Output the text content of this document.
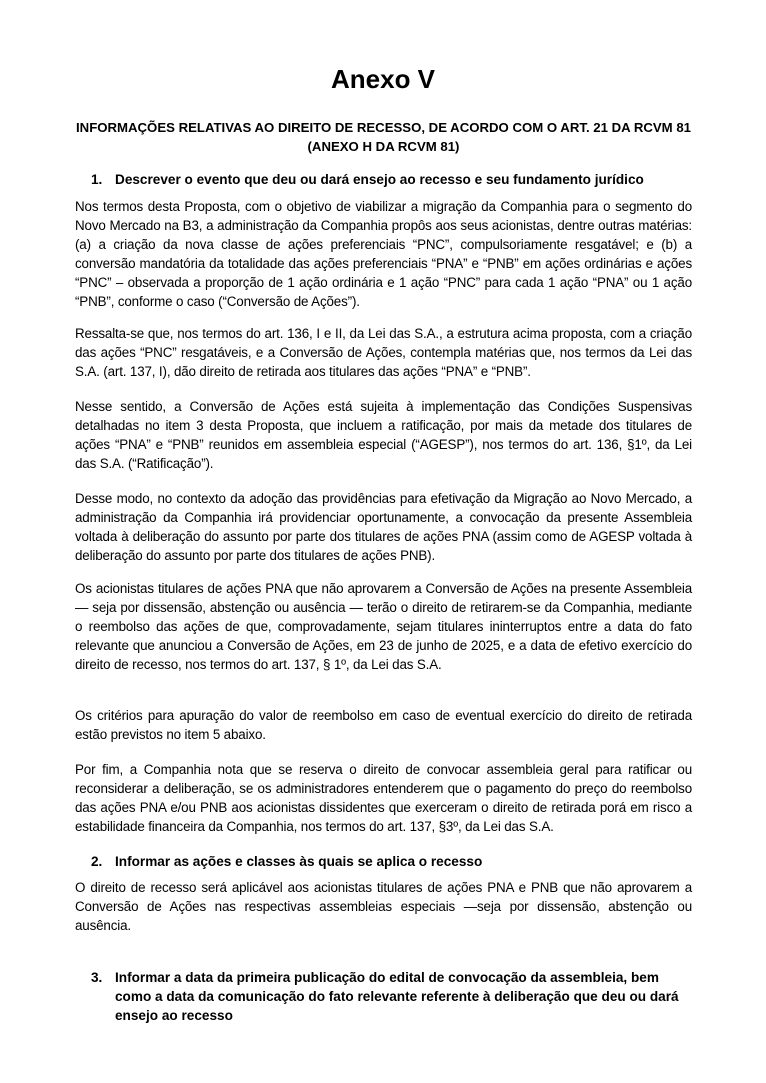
Anexo V
INFORMAÇÕES RELATIVAS AO DIREITO DE RECESSO, DE ACORDO COM O ART. 21 DA RCVM 81 (ANEXO H DA RCVM 81)
1. Descrever o evento que deu ou dará ensejo ao recesso e seu fundamento jurídico
Nos termos desta Proposta, com o objetivo de viabilizar a migração da Companhia para o segmento do Novo Mercado na B3, a administração da Companhia propôs aos seus acionistas, dentre outras matérias: (a) a criação da nova classe de ações preferenciais “PNC”, compulsoriamente resgatável; e (b) a conversão mandatória da totalidade das ações preferenciais “PNA” e “PNB” em ações ordinárias e ações “PNC” – observada a proporção de 1 ação ordinária e 1 ação “PNC” para cada 1 ação “PNA” ou 1 ação “PNB”, conforme o caso (“Conversão de Ações”).
Ressalta-se que, nos termos do art. 136, I e II, da Lei das S.A., a estrutura acima proposta, com a criação das ações “PNC” resgatáveis, e a Conversão de Ações, contempla matérias que, nos termos da Lei das S.A. (art. 137, I), dão direito de retirada aos titulares das ações “PNA” e “PNB”.
Nesse sentido, a Conversão de Ações está sujeita à implementação das Condições Suspensivas detalhadas no item 3 desta Proposta, que incluem a ratificação, por mais da metade dos titulares de ações “PNA” e “PNB” reunidos em assembleia especial (“AGESP”), nos termos do art. 136, §1º, da Lei das S.A. (“Ratificação”).
Desse modo, no contexto da adoção das providências para efetivação da Migração ao Novo Mercado, a administração da Companhia irá providenciar oportunamente, a convocação da presente Assembleia voltada à deliberação do assunto por parte dos titulares de ações PNA (assim como de AGESP voltada à deliberação do assunto por parte dos titulares de ações PNB).
Os acionistas titulares de ações PNA que não aprovarem a Conversão de Ações na presente Assembleia — seja por dissensão, abstenção ou ausência — terão o direito de retirarem-se da Companhia, mediante o reembolso das ações de que, comprovadamente, sejam titulares ininterruptos entre a data do fato relevante que anunciou a Conversão de Ações, em 23 de junho de 2025, e a data de efetivo exercício do direito de recesso, nos termos do art. 137, § 1º, da Lei das S.A.
Os critérios para apuração do valor de reembolso em caso de eventual exercício do direito de retirada estão previstos no item 5 abaixo.
Por fim, a Companhia nota que se reserva o direito de convocar assembleia geral para ratificar ou reconsiderar a deliberação, se os administradores entenderem que o pagamento do preço do reembolso das ações PNA e/ou PNB aos acionistas dissidentes que exerceram o direito de retirada porá em risco a estabilidade financeira da Companhia, nos termos do art. 137, §3º, da Lei das S.A.
2. Informar as ações e classes às quais se aplica o recesso
O direito de recesso será aplicável aos acionistas titulares de ações PNA e PNB que não aprovarem a Conversão de Ações nas respectivas assembleias especiais —seja por dissensão, abstenção ou ausência.
3. Informar a data da primeira publicação do edital de convocação da assembleia, bem como a data da comunicação do fato relevante referente à deliberação que deu ou dará ensejo ao recesso
